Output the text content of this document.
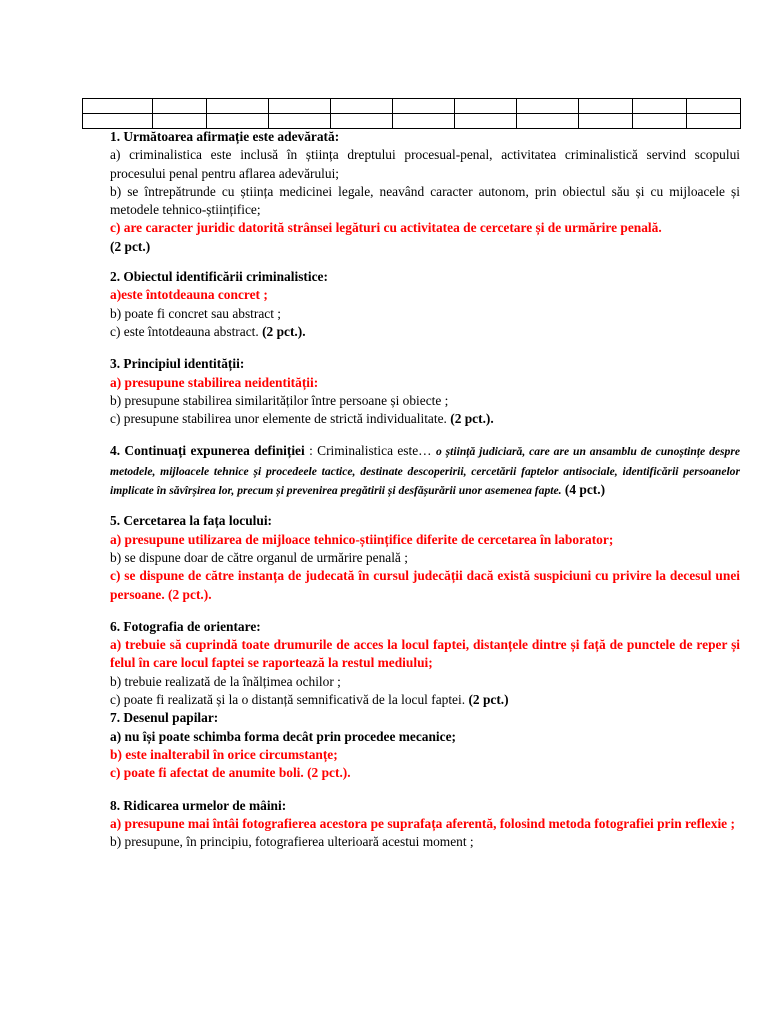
1. Următoarea afirmație este adevărată:
a) criminalistica este inclusă în știința dreptului procesual-penal, activitatea criminalistică servind scopului procesului penal pentru aflarea adevărului;
b) se întrepătrunde cu știința medicinei legale, neavând caracter autonom, prin obiectul său și cu mijloacele și metodele tehnico-științifice;
c) are caracter juridic datorită strânsei legături cu activitatea de cercetare și de urmărire penală.
(2 pct.)
2. Obiectul identificării criminalistice:
a)este întotdeauna concret ;
b) poate fi concret sau abstract ;
c) este întotdeauna abstract. (2 pct.).
3. Principiul identității:
a) presupune stabilirea neidentității:
b) presupune stabilirea similarităților între persoane și obiecte ;
c) presupune stabilirea unor elemente de strictă individualitate. (2 pct.).
4. Continuați expunerea definiției : Criminalistica este… o știință judiciară, care are un ansamblu de cunoștințe despre metodele, mijloacele tehnice și procedeele tactice, destinate descoperirii, cercetării faptelor antisociale, identificării persoanelor implicate în săvîrșirea lor, precum și prevenirea pregătirii și desfășurării unor asemenea fapte. (4 pct.)
5. Cercetarea la fața locului:
a) presupune utilizarea de mijloace tehnico-științifice diferite de cercetarea în laborator;
b) se dispune doar de către organul de urmărire penală ;
c) se dispune de către instanța de judecată în cursul judecății dacă există suspiciuni cu privire la decesul unei persoane. (2 pct.).
6. Fotografia de orientare:
a) trebuie să cuprindă toate drumurile de acces la locul faptei, distanțele dintre și față de punctele de reper și felul în care locul faptei se raportează la restul mediului;
b) trebuie realizată de la înălțimea ochilor ;
c) poate fi realizată și la o distanță semnificativă de la locul faptei. (2 pct.)
7. Desenul papilar:
a) nu își poate schimba forma decât prin procedee mecanice;
b) este inalterabil în orice circumstanțe;
c) poate fi afectat de anumite boli. (2 pct.).
8. Ridicarea urmelor de mâini:
a) presupune mai întâi fotografierea acestora pe suprafața aferentă, folosind metoda fotografiei prin reflexie ;
b) presupune, în principiu, fotografierea ulterioară acestui moment ;
